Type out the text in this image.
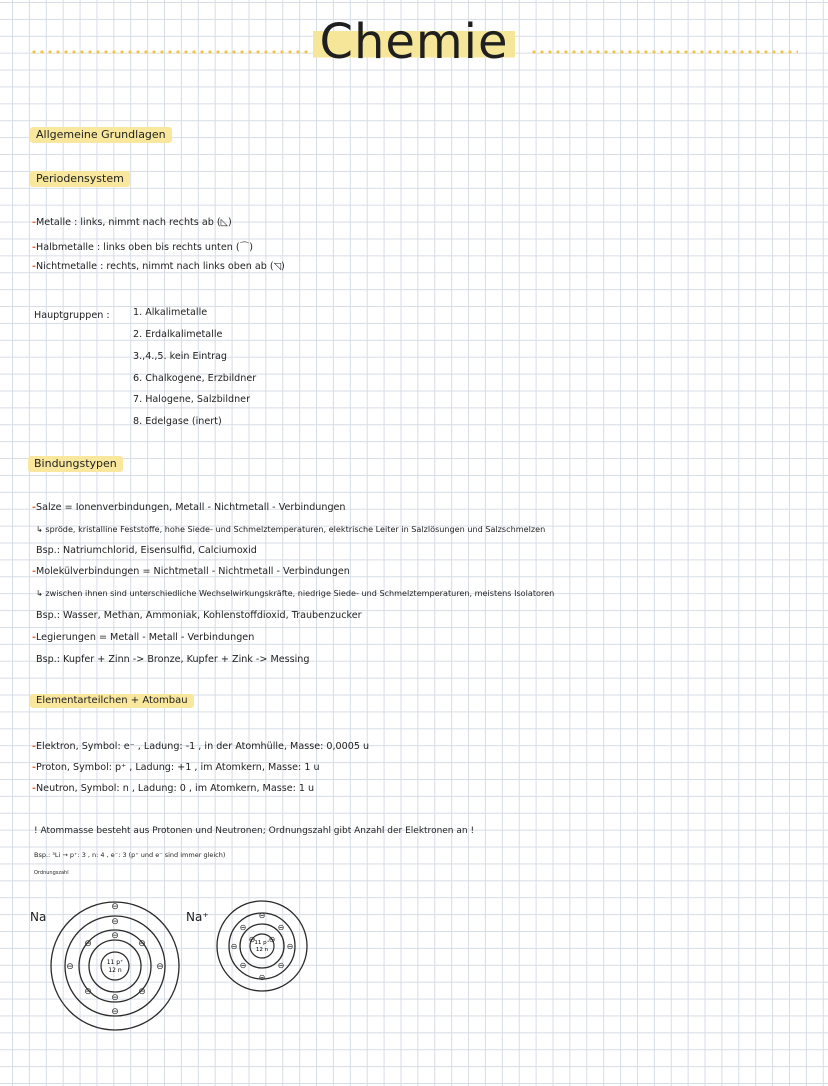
Chemie
Allgemeine Grundlagen
Periodensystem
-Metalle : links, nimmt nach rechts ab (◺)
-Halbmetalle : links oben bis rechts unten (⌒)
-Nichtmetalle : rechts, nimmt nach links oben ab (◹)
Hauptgruppen : 1. Alkalimetalle
2. Erdalkalimetalle
3.,4.,5. kein Eintrag
6. Chalkogene, Erzbildner
7. Halogene, Salzbildner
8. Edelgase (inert)
Bindungstypen
-Salze = Ionenverbindungen, Metall - Nichtmetall - Verbindungen
↳ spröde, kristalline Feststoffe, hohe Siede- und Schmelztemperaturen, elektrische Leiter in Salzlösungen und Salzschmelzen
Bsp.: Natriumchlorid, Eisensulfid, Calciumoxid
-Molekülverbindungen = Nichtmetall - Nichtmetall - Verbindungen
↳ zwischen ihnen sind unterschiedliche Wechselwirkungskräfte, niedrige Siede- und Schmelztemperaturen, meistens Isolatoren
Bsp.: Wasser, Methan, Ammoniak, Kohlenstoffdioxid, Traubenzucker
-Legierungen = Metall - Metall - Verbindungen
Bsp.: Kupfer + Zinn -> Bronze, Kupfer + Zink -> Messing
Elementarteilchen + Atombau
-Elektron, Symbol: e⁻ , Ladung: -1 , in der Atomhülle, Masse: 0,0005 u
-Proton, Symbol: p⁺ , Ladung: +1 , im Atomkern, Masse: 1 u
-Neutron, Symbol: n , Ladung: 0 , im Atomkern, Masse: 1 u
! Atommasse besteht aus Protonen und Neutronen; Ordnungszahl gibt Anzahl der Elektronen an !
Bsp.: ³Li → p⁺: 3 , n: 4 , e⁻: 3 (p⁺ und e⁻ sind immer gleich)
Ordnungszahl
Na
11 p⁺
12 n
⊖
⊖
⊖
⊖	⊖
⊖	⊖
⊖	⊖
⊖
⊖
Na⁺
11 p⁺
12 n
⊖
⊖
⊖	⊖
⊖	⊖
⊖	⊖
⊖ ⊖
